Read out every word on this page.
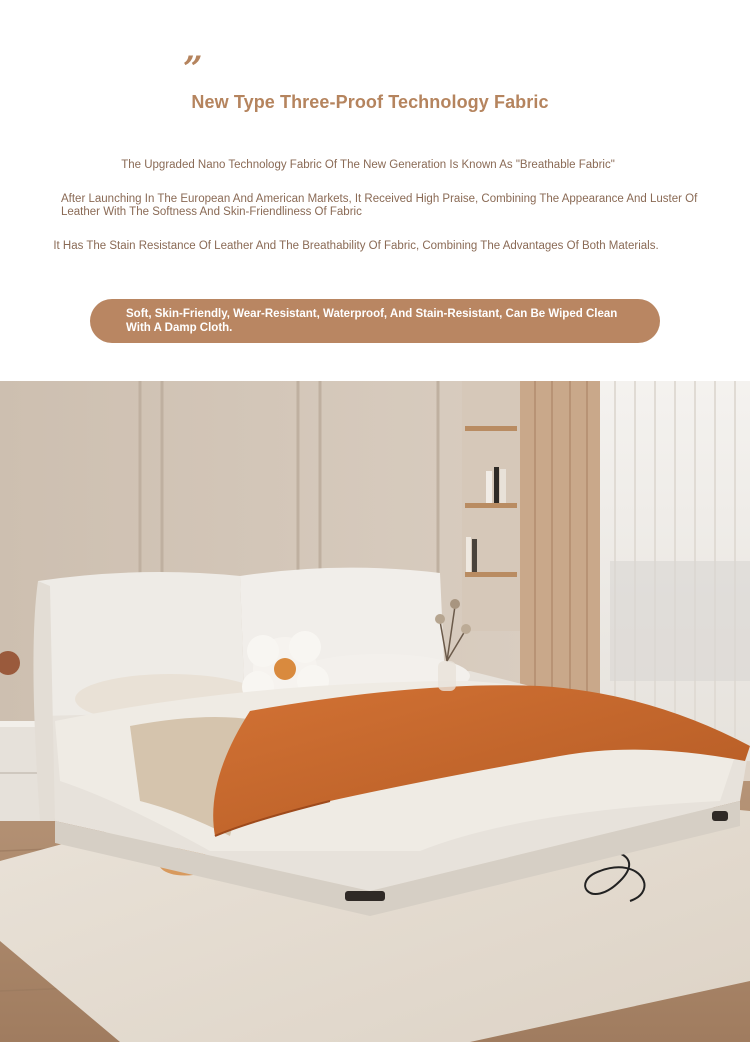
”
New Type Three-Proof Technology Fabric
The Upgraded Nano Technology Fabric Of The New Generation Is Known As "Breathable Fabric"
After Launching In The European And American Markets, It Received High Praise, Combining The Appearance And Luster Of Leather With The Softness And Skin-Friendliness Of Fabric
It Has The Stain Resistance Of Leather And The Breathability Of Fabric, Combining The Advantages Of Both Materials.
Soft, Skin-Friendly, Wear-Resistant, Waterproof, And Stain-Resistant, Can Be Wiped Clean With A Damp Cloth.
